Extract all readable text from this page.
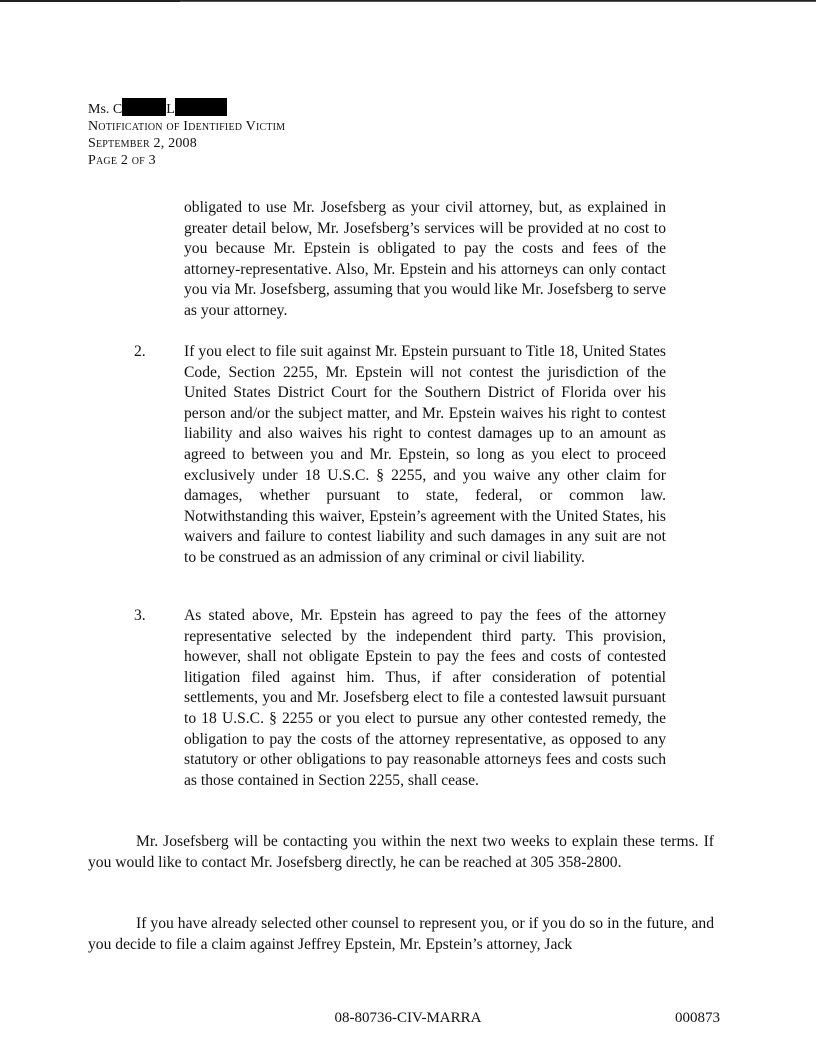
Ms. C	L
Notification of Identified Victim
September 2, 2008
Page 2 of 3
obligated to use Mr. Josefsberg as your civil attorney, but, as explained in greater detail below, Mr. Josefsberg’s services will be provided at no cost to you because Mr. Epstein is obligated to pay the costs and fees of the attorney-representative. Also, Mr. Epstein and his attorneys can only contact you via Mr. Josefsberg, assuming that you would like Mr. Josefsberg to serve as your attorney.
2. If you elect to file suit against Mr. Epstein pursuant to Title 18, United States Code, Section 2255, Mr. Epstein will not contest the jurisdiction of the United States District Court for the Southern District of Florida over his person and/or the subject matter, and Mr. Epstein waives his right to contest liability and also waives his right to contest damages up to an amount as agreed to between you and Mr. Epstein, so long as you elect to proceed exclusively under 18 U.S.C. § 2255, and you waive any other claim for damages, whether pursuant to state, federal, or common law. Notwithstanding this waiver, Epstein’s agreement with the United States, his waivers and failure to contest liability and such damages in any suit are not to be construed as an admission of any criminal or civil liability.
3. As stated above, Mr. Epstein has agreed to pay the fees of the attorney representative selected by the independent third party. This provision, however, shall not obligate Epstein to pay the fees and costs of contested litigation filed against him. Thus, if after consideration of potential settlements, you and Mr. Josefsberg elect to file a contested lawsuit pursuant to 18 U.S.C. § 2255 or you elect to pursue any other contested remedy, the obligation to pay the costs of the attorney representative, as opposed to any statutory or other obligations to pay reasonable attorneys fees and costs such as those contained in Section 2255, shall cease.
Mr. Josefsberg will be contacting you within the next two weeks to explain these terms. If you would like to contact Mr. Josefsberg directly, he can be reached at 305 358-2800.
If you have already selected other counsel to represent you, or if you do so in the future, and you decide to file a claim against Jeffrey Epstein, Mr. Epstein’s attorney, Jack
08-80736-CIV-MARRA	000873
